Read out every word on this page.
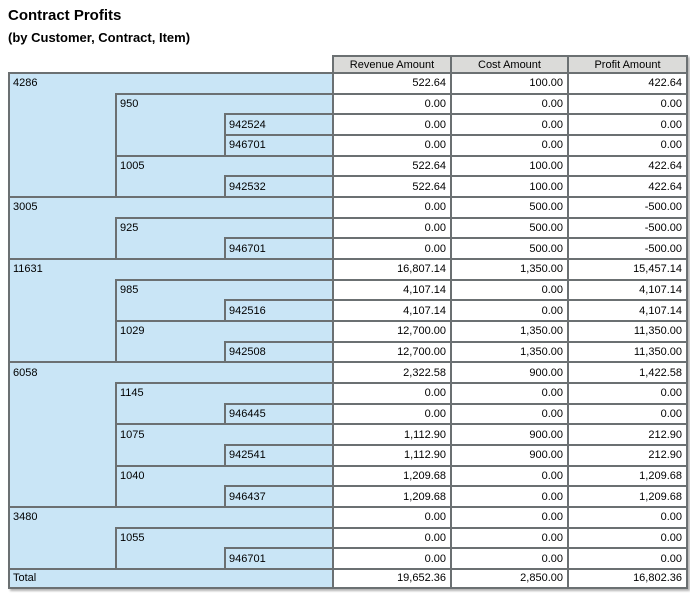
Contract Profits
(by Customer, Contract, Item)
Revenue Amount	Cost Amount	Profit Amount
4286	522.64	100.00	422.64
950	0.00	0.00	0.00
942524	0.00	0.00	0.00
946701	0.00	0.00	0.00
1005	522.64	100.00	422.64
942532	522.64	100.00	422.64
3005	0.00	500.00	-500.00
925	0.00	500.00	-500.00
946701	0.00	500.00	-500.00
11631	16,807.14	1,350.00	15,457.14
985	4,107.14	0.00	4,107.14
942516	4,107.14	0.00	4,107.14
1029	12,700.00	1,350.00	11,350.00
942508	12,700.00	1,350.00	11,350.00
6058	2,322.58	900.00	1,422.58
1145	0.00	0.00	0.00
946445	0.00	0.00	0.00
1075	1,112.90	900.00	212.90
942541	1,112.90	900.00	212.90
1040	1,209.68	0.00	1,209.68
946437	1,209.68	0.00	1,209.68
3480	0.00	0.00	0.00
1055	0.00	0.00	0.00
946701	0.00	0.00	0.00
Total	19,652.36	2,850.00	16,802.36
